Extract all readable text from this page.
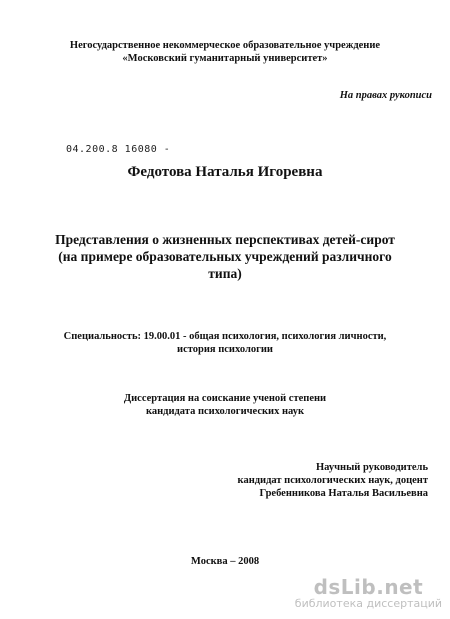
Негосударственное некоммерческое образовательное учреждение
«Московский гуманитарный университет»
На правах рукописи
04.200.8 16080 -
Федотова Наталья Игоревна
Представления о жизненных перспективах детей-сирот
(на примере образовательных учреждений различного
типа)
Специальность: 19.00.01 - общая психология, психология личности,
история психологии
Диссертация на соискание ученой степени
кандидата психологических наук
Научный руководитель
кандидат психологических наук, доцент
Гребенникова Наталья Васильевна
Москва – 2008
dsLib.net
библиотека диссертаций
